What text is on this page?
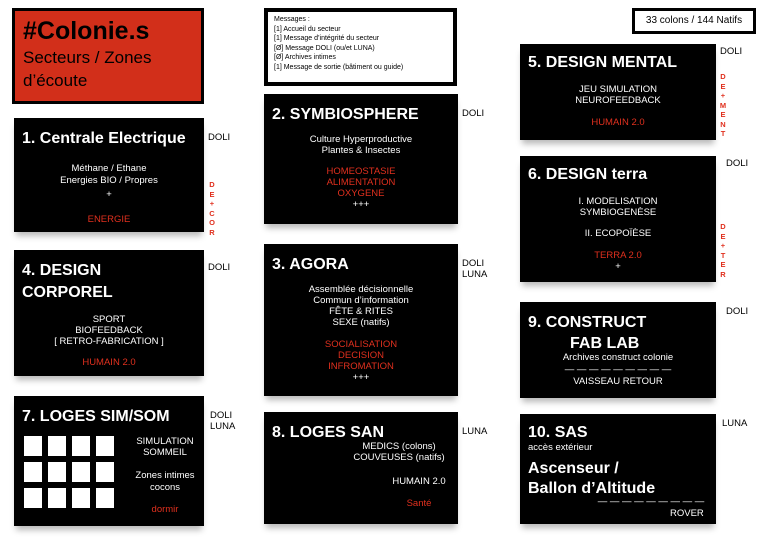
#Colonie.s
Secteurs / Zones
d’écoute
Messages :
[1] Accueil du secteur
[1] Message d’intégrité du secteur
[Ø] Message DOLI (ou/et LUNA)
[Ø] Archives intimes
[1] Message de sortie (bâtiment ou guide)
33 colons / 144 Natifs
1. Centrale Electrique
Méthane / Ethane
Energies BIO / Propres
+
ENERGIE
DOLI
D
E
+
C
O
R
4. DESIGN
CORPOREL
SPORT
BIOFEEDBACK
[ RETRO-FABRICATION ]
HUMAIN 2.0
DOLI
7. LOGES SIM/SOM
SIMULATION
SOMMEIL
Zones intimes
cocons
dormir
DOLI
LUNA
2. SYMBIOSPHERE
Culture Hyperproductive
Plantes & Insectes
HOMEOSTASIE
ALIMENTATION
OXYGENE
+++
DOLI
3. AGORA
Assemblée décisionnelle
Commun d’information
FÊTE & RITES
SEXE (natifs)
SOCIALISATION
DECISION
INFROMATION
+++
DOLI
LUNA
8. LOGES SAN
MEDICS (colons)
COUVEUSES (natifs)
HUMAIN 2.0
Santé
LUNA
5. DESIGN MENTAL
JEU SIMULATION
NEUROFEEDBACK
HUMAIN 2.0
DOLI
D
E
+
M
E
N
T
6. DESIGN terra
I. MODELISATION
SYMBIOGENÈSE
II. ECOPOÏÈSE
TERRA 2.0
+
DOLI
D
E
+
T
E
R
9. CONSTRUCT
FAB LAB
Archives construct colonie
— — — — — — — — —
VAISSEAU RETOUR
DOLI
10. SAS
accès extérieur
Ascenseur /
Ballon d’Altitude
— — — — — — — — —
ROVER
LUNA
